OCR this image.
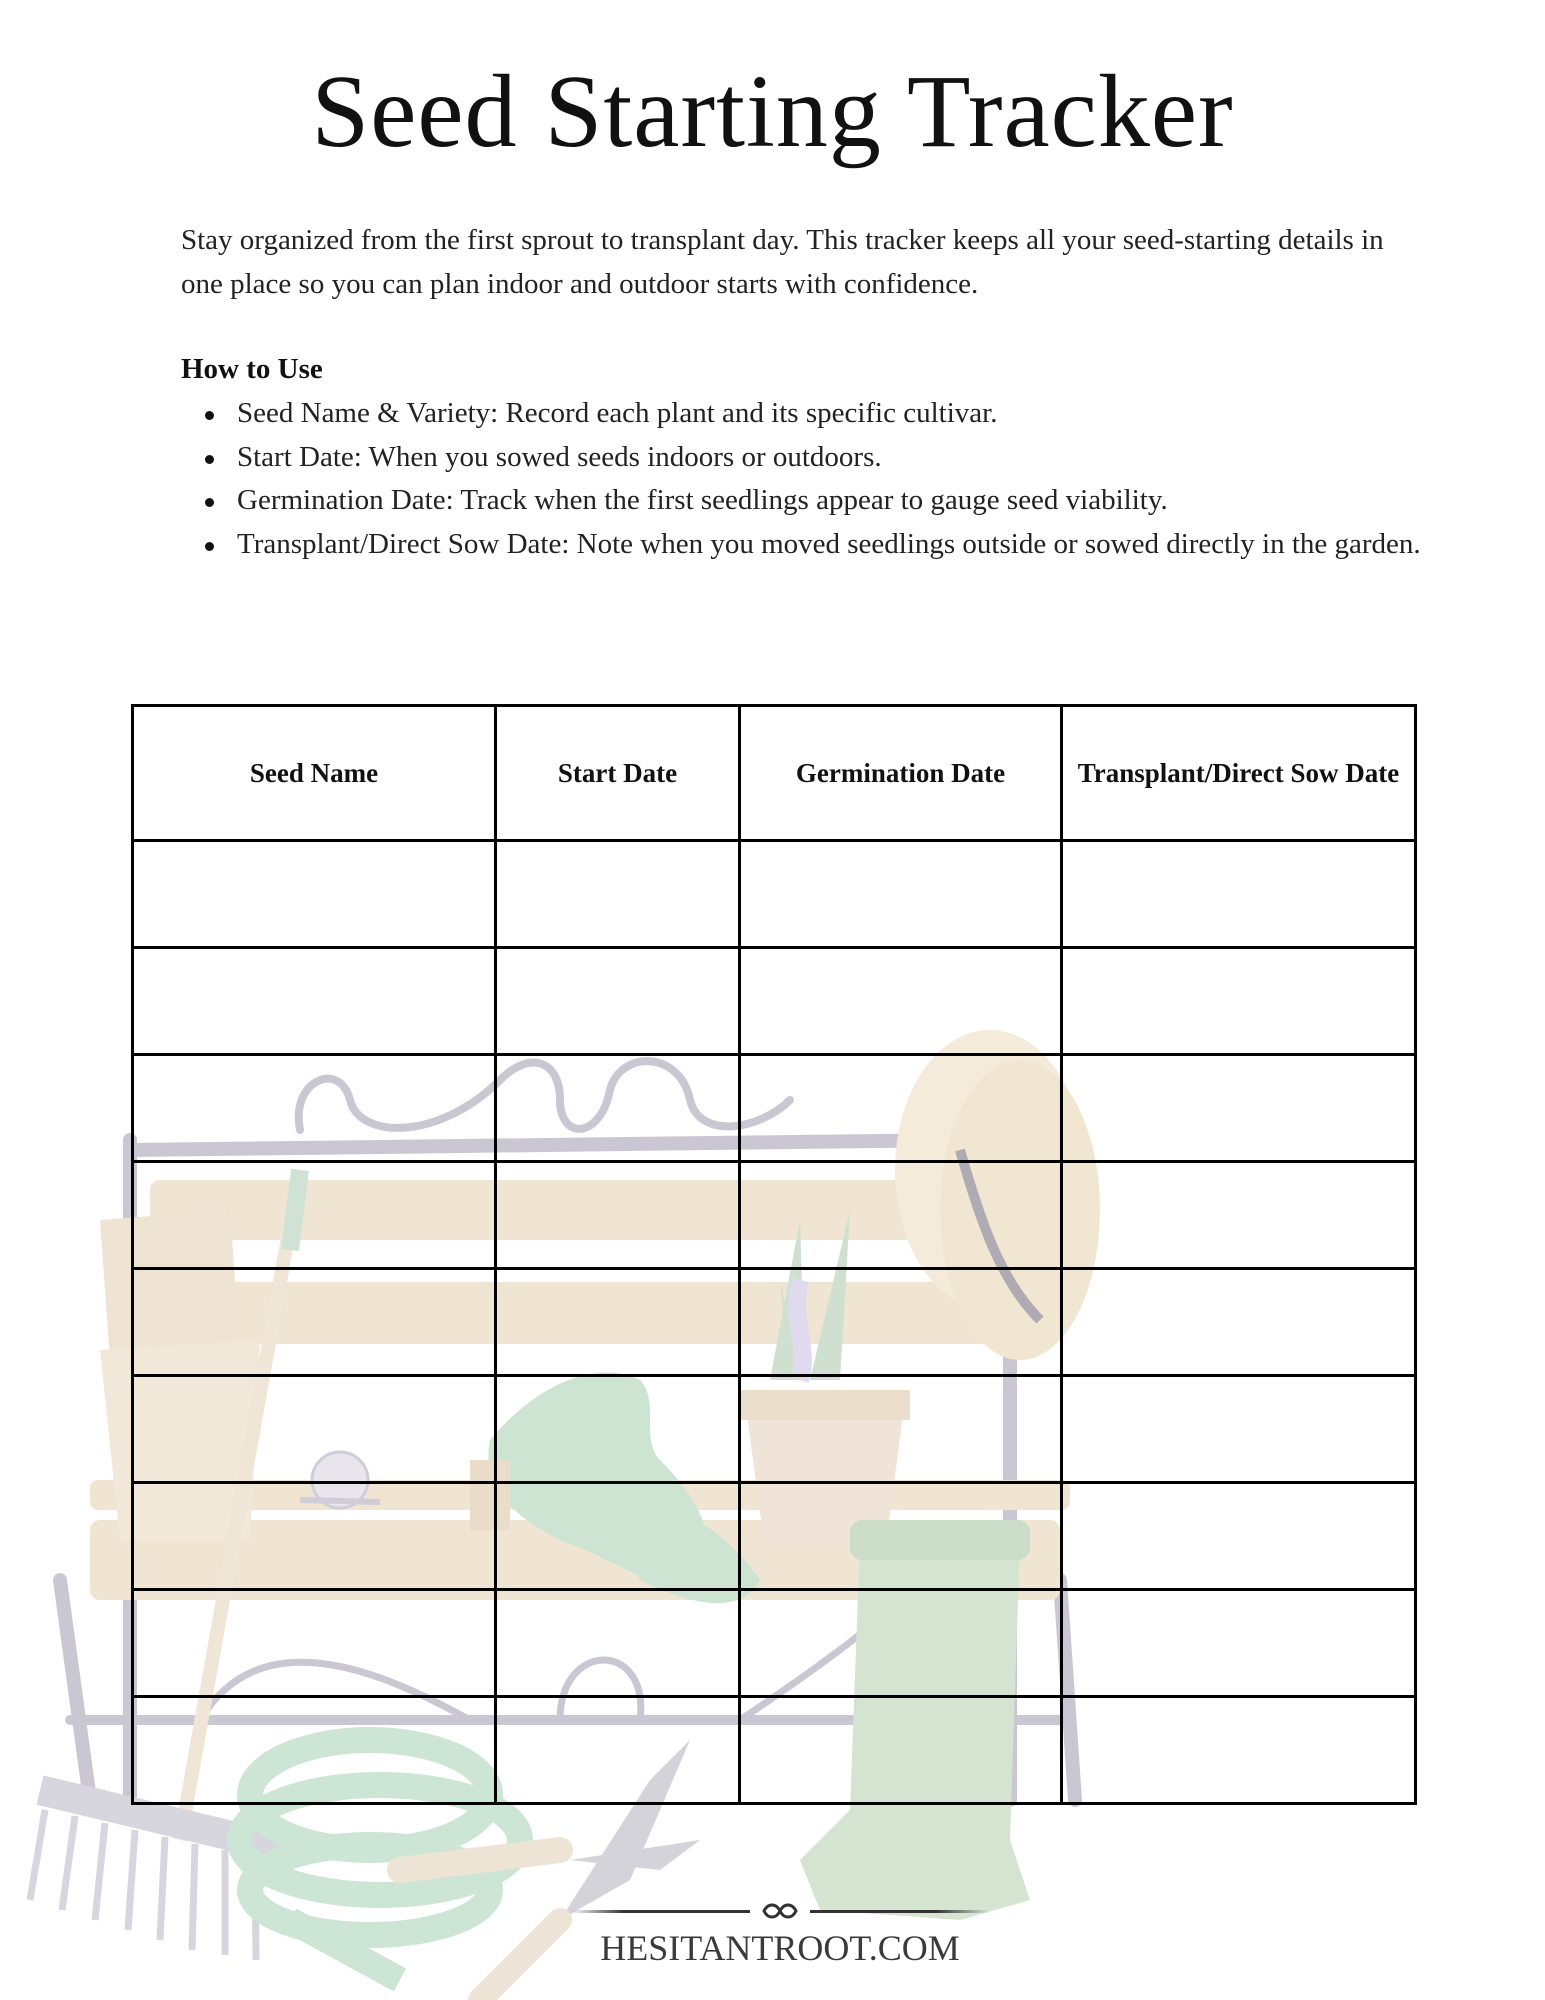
Seed Starting Tracker
Stay organized from the first sprout to transplant day. This tracker keeps all your seed-starting details in one place so you can plan indoor and outdoor starts with confidence.
How to Use
Seed Name & Variety: Record each plant and its specific cultivar.
Start Date: When you sowed seeds indoors or outdoors.
Germination Date: Track when the first seedlings appear to gauge seed viability.
Transplant/Direct Sow Date: Note when you moved seedlings outside or sowed directly in the garden.
Seed Name	Start Date	Germination Date	Transplant/Direct Sow Date

HESITANTROOT.COM
